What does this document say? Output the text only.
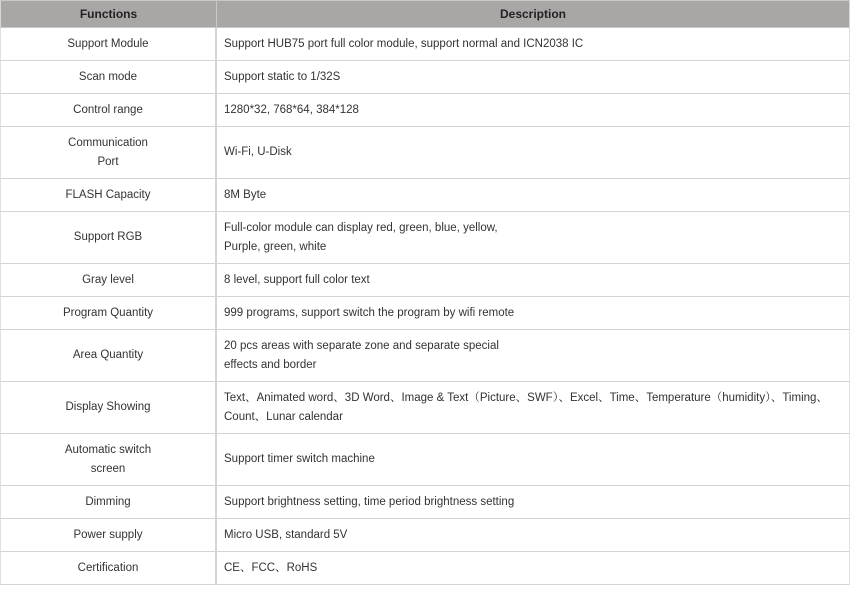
Functions	Description

Support Module	Support HUB75 port full color module, support normal and ICN2038 IC

Scan mode	Support static to 1/32S

Control range	1280*32, 768*64, 384*128

Communication
Port	Wi-Fi, U-Disk

FLASH Capacity	8M Byte

Support RGB	Full-color module can display red, green, blue, yellow,
Purple, green, white

Gray level	8 level, support full color text

Program Quantity	999 programs, support switch the program by wifi remote

Area Quantity	20 pcs areas with separate zone and separate special
effects and border

Display Showing	Text、Animated word、3D Word、Image & Text（Picture、SWF）、Excel、Time、Temperature（humidity）、Timing、
Count、Lunar calendar

Automatic switch
screen	Support timer switch machine

Dimming	Support brightness setting, time period brightness setting

Power supply	Micro USB, standard 5V

Certification	CE、FCC、RoHS
